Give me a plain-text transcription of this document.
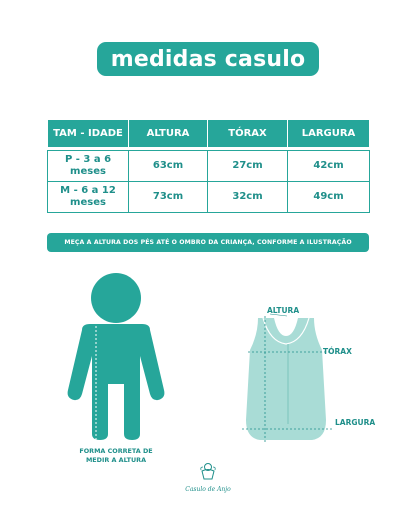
medidas casulo
TAM - IDADE	ALTURA	TÓRAX	LARGURA

P - 3 a 6
meses	63cm	27cm	42cm
M - 6 a 12
meses	73cm	32cm	49cm
MEÇA A ALTURA DOS PÉS ATÉ O OMBRO DA CRIANÇA, CONFORME A ILUSTRAÇÃO
FORMA CORRETA DE
MEDIR A ALTURA
ALTURA
TÓRAX
LARGURA
Casulo de Anjo
